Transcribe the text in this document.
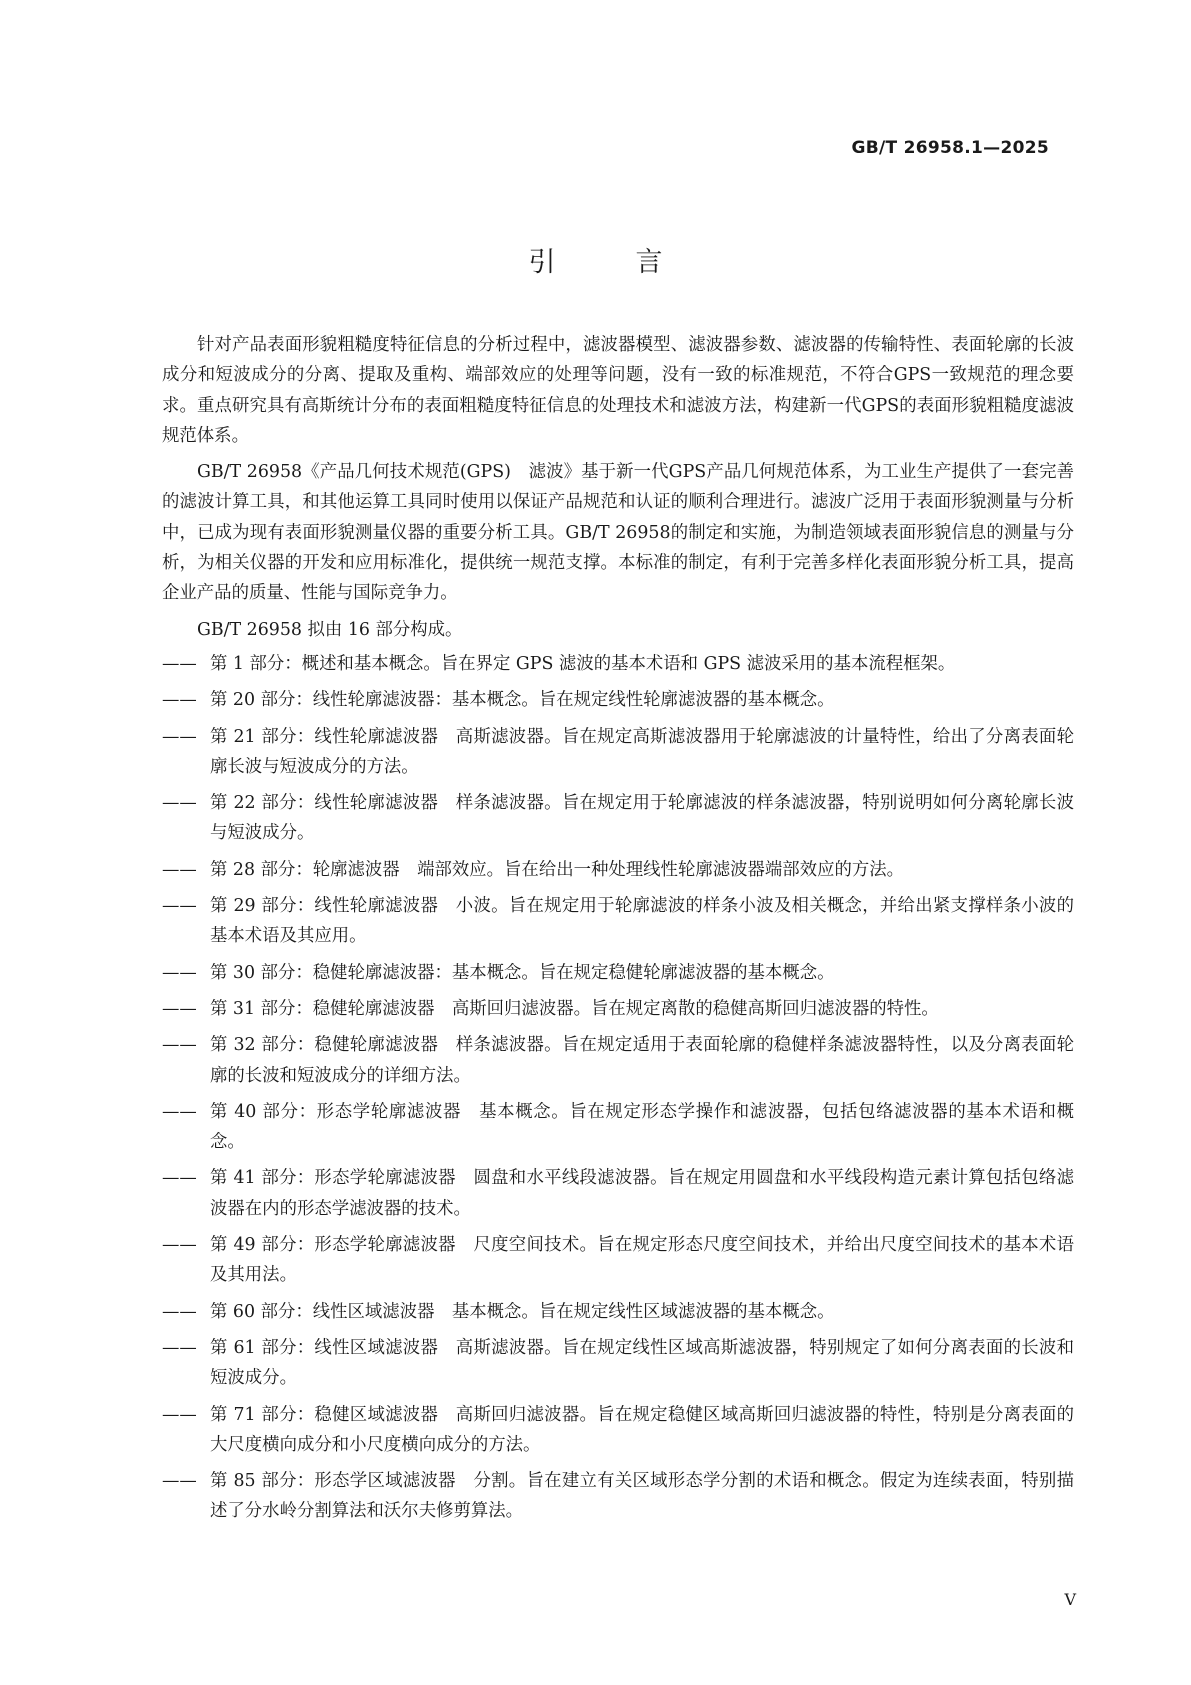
GB/T 26958.1—2025
引	言

针对产品表面形貌粗糙度特征信息的分析过程中，滤波器模型、滤波器参数、滤波器的传输特性、表面轮廓的长波成分和短波成分的分离、提取及重构、端部效应的处理等问题，没有一致的标准规范，不符合GPS一致规范的理念要求。重点研究具有高斯统计分布的表面粗糙度特征信息的处理技术和滤波方法，构建新一代GPS的表面形貌粗糙度滤波规范体系。

GB/T 26958《产品几何技术规范(GPS)　滤波》基于新一代GPS产品几何规范体系，为工业生产提供了一套完善的滤波计算工具，和其他运算工具同时使用以保证产品规范和认证的顺利合理进行。滤波广泛用于表面形貌测量与分析中，已成为现有表面形貌测量仪器的重要分析工具。GB/T 26958的制定和实施，为制造领域表面形貌信息的测量与分析，为相关仪器的开发和应用标准化，提供统一规范支撑。本标准的制定，有利于完善多样化表面形貌分析工具，提高企业产品的质量、性能与国际竞争力。

GB/T 26958 拟由 16 部分构成。

—— 第 1 部分：概述和基本概念。旨在界定 GPS 滤波的基本术语和 GPS 滤波采用的基本流程框架。
—— 第 20 部分：线性轮廓滤波器：基本概念。旨在规定线性轮廓滤波器的基本概念。
—— 第 21 部分：线性轮廓滤波器　高斯滤波器。旨在规定高斯滤波器用于轮廓滤波的计量特性，给出了分离表面轮廓长波与短波成分的方法。
—— 第 22 部分：线性轮廓滤波器　样条滤波器。旨在规定用于轮廓滤波的样条滤波器，特别说明如何分离轮廓长波与短波成分。
—— 第 28 部分：轮廓滤波器　端部效应。旨在给出一种处理线性轮廓滤波器端部效应的方法。
—— 第 29 部分：线性轮廓滤波器　小波。旨在规定用于轮廓滤波的样条小波及相关概念，并给出紧支撑样条小波的基本术语及其应用。
—— 第 30 部分：稳健轮廓滤波器：基本概念。旨在规定稳健轮廓滤波器的基本概念。
—— 第 31 部分：稳健轮廓滤波器　高斯回归滤波器。旨在规定离散的稳健高斯回归滤波器的特性。
—— 第 32 部分：稳健轮廓滤波器　样条滤波器。旨在规定适用于表面轮廓的稳健样条滤波器特性，以及分离表面轮廓的长波和短波成分的详细方法。
—— 第 40 部分：形态学轮廓滤波器　基本概念。旨在规定形态学操作和滤波器，包括包络滤波器的基本术语和概念。
—— 第 41 部分：形态学轮廓滤波器　圆盘和水平线段滤波器。旨在规定用圆盘和水平线段构造元素计算包括包络滤波器在内的形态学滤波器的技术。
—— 第 49 部分：形态学轮廓滤波器　尺度空间技术。旨在规定形态尺度空间技术，并给出尺度空间技术的基本术语及其用法。
—— 第 60 部分：线性区域滤波器　基本概念。旨在规定线性区域滤波器的基本概念。
—— 第 61 部分：线性区域滤波器　高斯滤波器。旨在规定线性区域高斯滤波器，特别规定了如何分离表面的长波和短波成分。
—— 第 71 部分：稳健区域滤波器　高斯回归滤波器。旨在规定稳健区域高斯回归滤波器的特性，特别是分离表面的大尺度横向成分和小尺度横向成分的方法。
—— 第 85 部分：形态学区域滤波器　分割。旨在建立有关区域形态学分割的术语和概念。假定为连续表面，特别描述了分水岭分割算法和沃尔夫修剪算法。
V
